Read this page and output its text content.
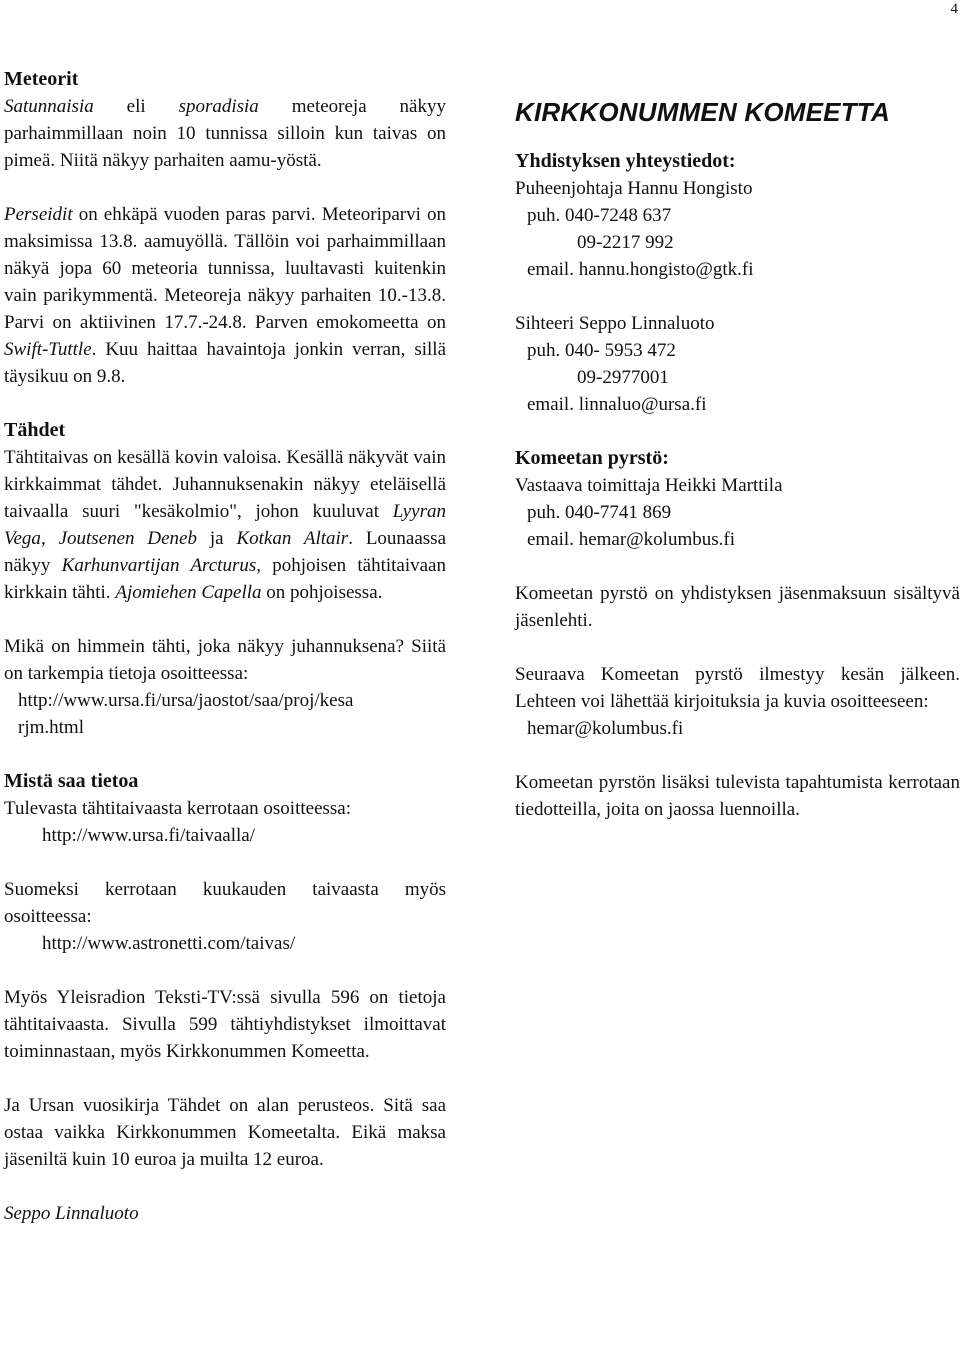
4

Meteorit

Satunnaisia eli sporadisia meteoreja näkyy parhaimmillaan noin 10 tunnissa silloin kun taivas on pimeä. Niitä näkyy parhaiten aamu-yöstä.

Perseidit on ehkäpä vuoden paras parvi. Meteoriparvi on maksimissa 13.8. aamuyöllä. Tällöin voi parhaimmillaan näkyä jopa 60 meteoria tunnissa, luultavasti kuitenkin vain parikymmentä. Meteoreja näkyy parhaiten 10.-13.8. Parvi on aktiivinen 17.7.-24.8. Parven emokomeetta on Swift-Tuttle. Kuu haittaa havaintoja jonkin verran, sillä täysikuu on 9.8.

Tähdet

Tähtitaivas on kesällä kovin valoisa. Kesällä näkyvät vain kirkkaimmat tähdet. Juhannuksenakin näkyy eteläisellä taivaalla suuri "kesäkolmio", johon kuuluvat Lyyran Vega, Joutsenen Deneb ja Kotkan Altair. Lounaassa näkyy Karhunvartijan Arcturus, pohjoisen tähtitaivaan kirkkain tähti. Ajomiehen Capella on pohjoisessa.

Mikä on himmein tähti, joka näkyy juhannuksena? Siitä on tarkempia tietoja osoitteessa:

http://www.ursa.fi/ursa/jaostot/saa/proj/kesa

rjm.html

Mistä saa tietoa

Tulevasta tähtitaivaasta kerrotaan osoitteessa:

http://www.ursa.fi/taivaalla/

Suomeksi kerrotaan kuukauden taivaasta myös osoitteessa:

http://www.astronetti.com/taivas/

Myös Yleisradion Teksti-TV:ssä sivulla 596 on tietoja tähtitaivaasta. Sivulla 599 tähtiyhdistykset ilmoittavat toiminnastaan, myös Kirkkonummen Komeetta.

Ja Ursan vuosikirja Tähdet on alan perusteos. Sitä saa ostaa vaikka Kirkkonummen Komeetalta. Eikä maksa jäseniltä kuin 10 euroa ja muilta 12 euroa.

Seppo Linnaluoto

KIRKKONUMMEN KOMEETTA

Yhdistyksen yhteystiedot:

Puheenjohtaja Hannu Hongisto

puh. 040-7248 637

09-2217 992

email. hannu.hongisto@gtk.fi

Sihteeri Seppo Linnaluoto

puh. 040- 5953 472

09-2977001

email. linnaluo@ursa.fi

Komeetan pyrstö:

Vastaava toimittaja Heikki Marttila

puh. 040-7741 869

email. hemar@kolumbus.fi

Komeetan pyrstö on yhdistyksen jäsenmaksuun sisältyvä jäsenlehti.

Seuraava Komeetan pyrstö ilmestyy kesän jälkeen. Lehteen voi lähettää kirjoituksia ja kuvia osoitteeseen:

hemar@kolumbus.fi

Komeetan pyrstön lisäksi tulevista tapahtumista kerrotaan tiedotteilla, joita on jaossa luennoilla.
